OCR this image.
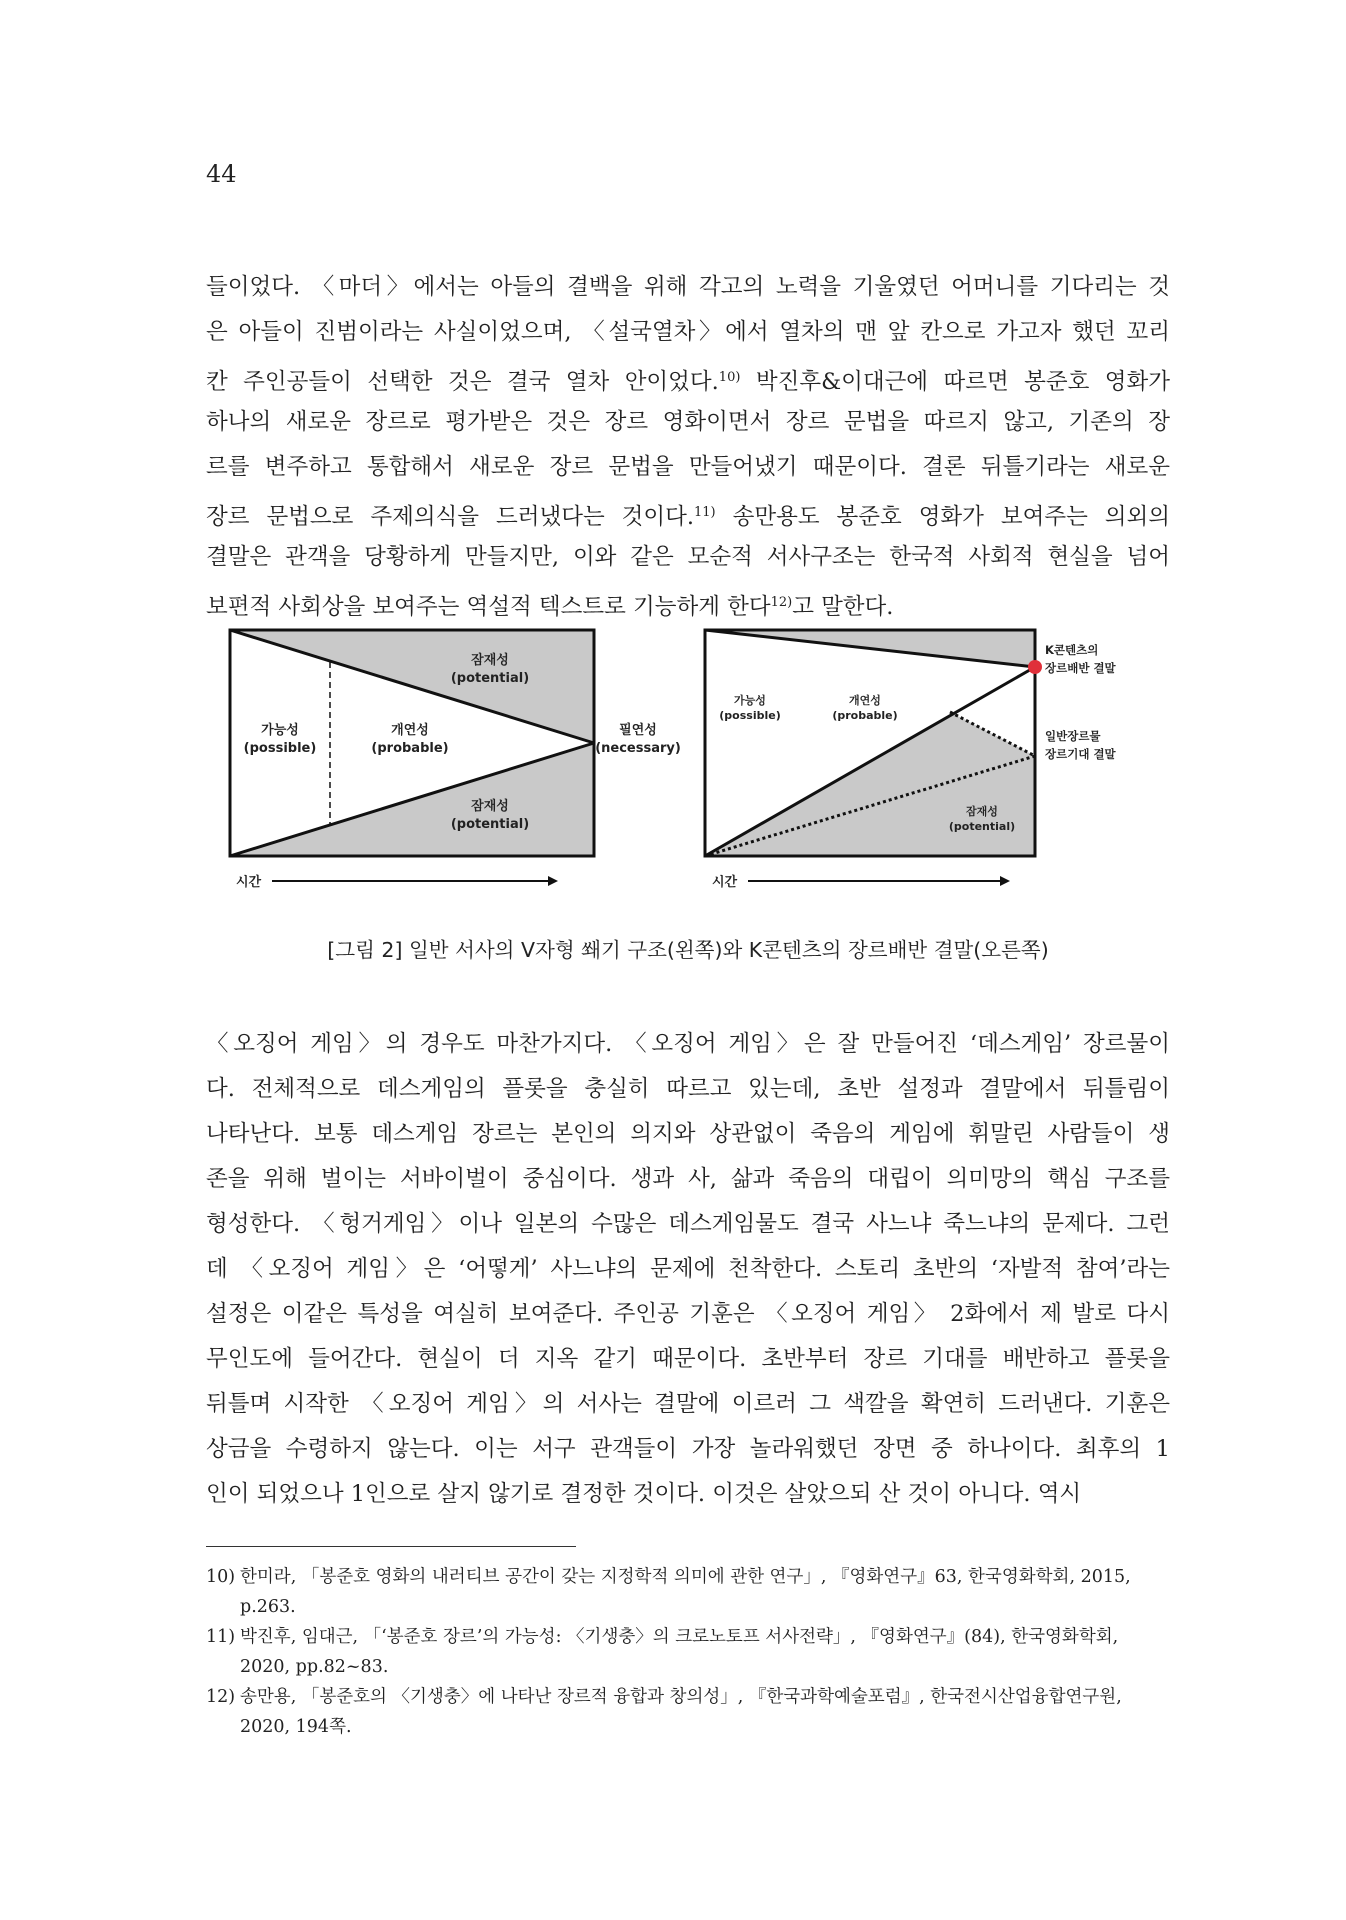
44
들이었다. 〈마더〉에서는 아들의 결백을 위해 각고의 노력을 기울였던 어머니를 기다리는 것
은 아들이 진범이라는 사실이었으며, 〈설국열차〉에서 열차의 맨 앞 칸으로 가고자 했던 꼬리
칸 주인공들이 선택한 것은 결국 열차 안이었다.$^{10)}$ 박진후&이대근에 따르면 봉준호 영화가
하나의 새로운 장르로 평가받은 것은 장르 영화이면서 장르 문법을 따르지 않고, 기존의 장
르를 변주하고 통합해서 새로운 장르 문법을 만들어냈기 때문이다. 결론 뒤틀기라는 새로운
장르 문법으로 주제의식을 드러냈다는 것이다.$^{11)}$ 송만용도 봉준호 영화가 보여주는 의외의
결말은 관객을 당황하게 만들지만, 이와 같은 모순적 서사구조는 한국적 사회적 현실을 넘어
보편적 사회상을 보여주는 역설적 텍스트로 기능하게 한다$^{12)}$고 말한다.
잠재성
(potential)
잠재성
(potential)
가능성
(possible)
개연성
(probable)
필연성
(necessary)
시간
가능성
(possible)
개연성
(probable)
잠재성
(potential)
K콘텐츠의
장르배반 결말
일반장르물
장르기대 결말
시간
[그림 2] 일반 서사의 V자형 쐐기 구조(왼쪽)와 K콘텐츠의 장르배반 결말(오른쪽)
〈오징어 게임〉의 경우도 마찬가지다. 〈오징어 게임〉은 잘 만들어진 ‘데스게임’ 장르물이
다. 전체적으로 데스게임의 플롯을 충실히 따르고 있는데, 초반 설정과 결말에서 뒤틀림이
나타난다. 보통 데스게임 장르는 본인의 의지와 상관없이 죽음의 게임에 휘말린 사람들이 생
존을 위해 벌이는 서바이벌이 중심이다. 생과 사, 삶과 죽음의 대립이 의미망의 핵심 구조를
형성한다. 〈헝거게임〉이나 일본의 수많은 데스게임물도 결국 사느냐 죽느냐의 문제다. 그런
데 〈오징어 게임〉은 ‘어떻게’ 사느냐의 문제에 천착한다. 스토리 초반의 ‘자발적 참여’라는
설정은 이같은 특성을 여실히 보여준다. 주인공 기훈은 〈오징어 게임〉 2화에서 제 발로 다시
무인도에 들어간다. 현실이 더 지옥 같기 때문이다. 초반부터 장르 기대를 배반하고 플롯을
뒤틀며 시작한 〈오징어 게임〉의 서사는 결말에 이르러 그 색깔을 확연히 드러낸다. 기훈은
상금을 수령하지 않는다. 이는 서구 관객들이 가장 놀라워했던 장면 중 하나이다. 최후의 1
인이 되었으나 1인으로 살지 않기로 결정한 것이다. 이것은 살았으되 산 것이 아니다. 역시
10) 한미라, 「봉준호 영화의 내러티브 공간이 갖는 지정학적 의미에 관한 연구」, 『영화연구』63, 한국영화학회, 2015,
p.263.
11) 박진후, 임대근, 「‘봉준호 장르’의 가능성: 〈기생충〉의 크로노토프 서사전략」, 『영화연구』(84), 한국영화학회,
2020, pp.82~83.
12) 송만용, 「봉준호의 〈기생충〉에 나타난 장르적 융합과 창의성」, 『한국과학예술포럼』, 한국전시산업융합연구원,
2020, 194쪽.
